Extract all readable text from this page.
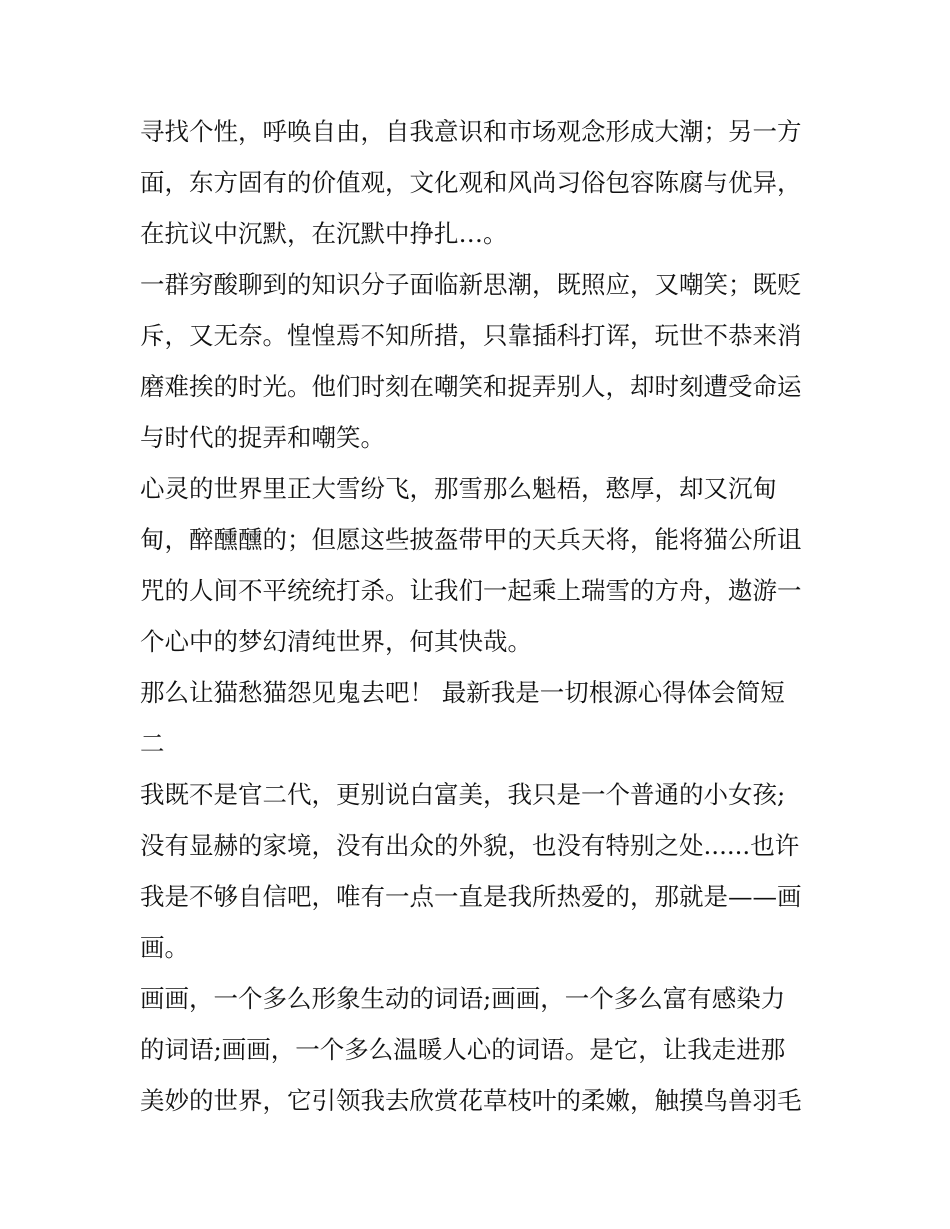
寻找个性，呼唤自由，自我意识和市场观念形成大潮；另一方
面，东方固有的价值观，文化观和风尚习俗包容陈腐与优异，
在抗议中沉默，在沉默中挣扎…。
一群穷酸聊到的知识分子面临新思潮，既照应，又嘲笑；既贬
斥，又无奈。惶惶焉不知所措，只靠插科打诨，玩世不恭来消
磨难挨的时光。他们时刻在嘲笑和捉弄别人，却时刻遭受命运
与时代的捉弄和嘲笑。
心灵的世界里正大雪纷飞，那雪那么魁梧，憨厚，却又沉甸
甸，醉醺醺的；但愿这些披盔带甲的天兵天将，能将猫公所诅
咒的人间不平统统打杀。让我们一起乘上瑞雪的方舟，遨游一
个心中的梦幻清纯世界，何其快哉。
那么让猫愁猫怨见鬼去吧！ 最新我是一切根源心得体会简短
二
我既不是官二代，更别说白富美，我只是一个普通的小女孩;
没有显赫的家境，没有出众的外貌，也没有特别之处......也许
我是不够自信吧，唯有一点一直是我所热爱的，那就是——画
画。
画画，一个多么形象生动的词语;画画，一个多么富有感染力
的词语;画画，一个多么温暖人心的词语。是它，让我走进那
美妙的世界，它引领我去欣赏花草枝叶的柔嫩，触摸鸟兽羽毛
